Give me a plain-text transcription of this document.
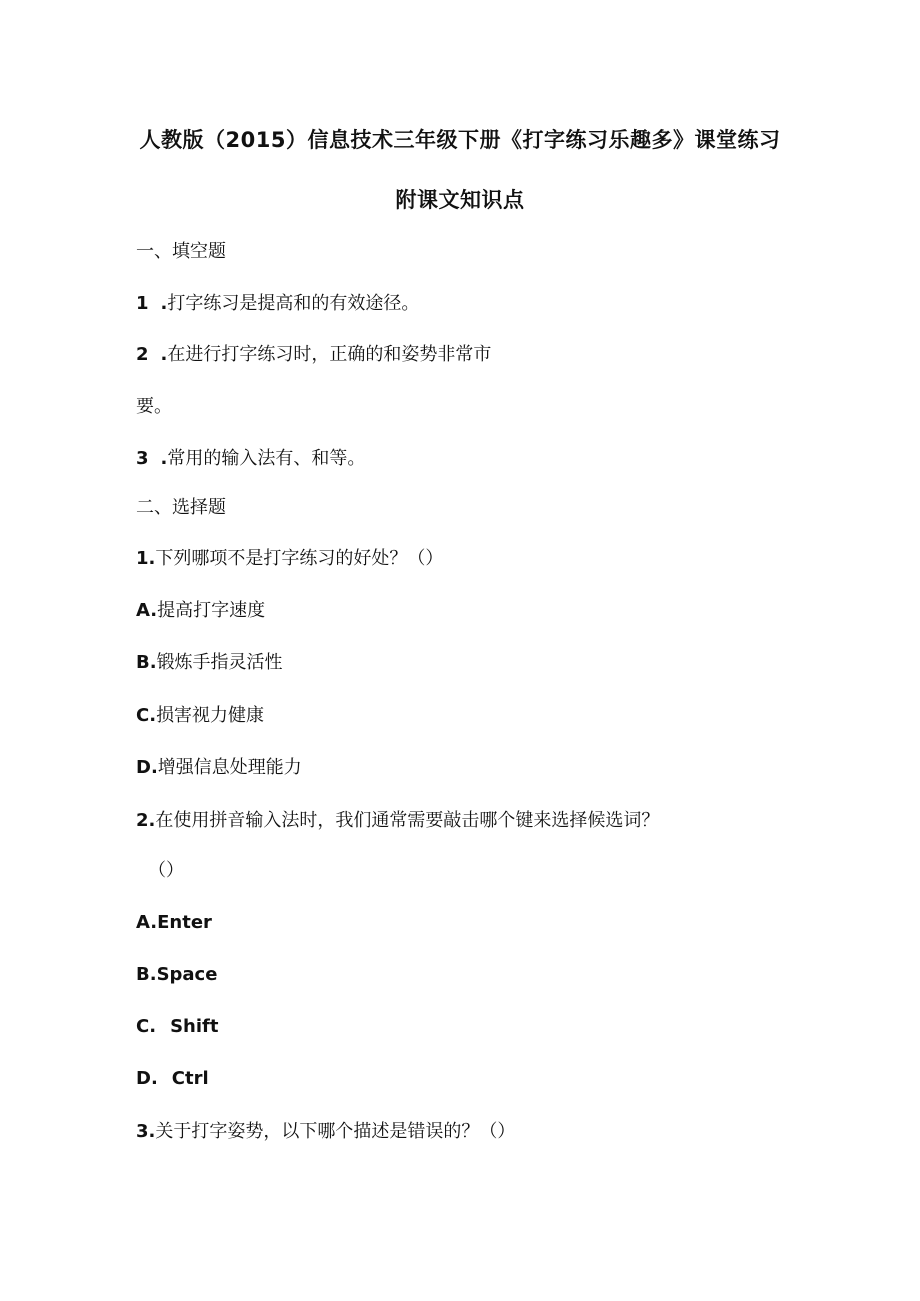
人教版（2015）信息技术三年级下册《打字练习乐趣多》课堂练习
附课文知识点
一、填空题
1 .打字练习是提高和的有效途径。
2 .在进行打字练习时，正确的和姿势非常市
要。
3 .常用的输入法有、和等。
二、选择题
1.下列哪项不是打字练习的好处？（）
A.提高打字速度
B.锻炼手指灵活性
C.损害视力健康
D.增强信息处理能力
2.在使用拼音输入法时，我们通常需要敲击哪个键来选择候选词？
（）
A.Enter
B.Space
C. Shift
D. Ctrl
3.关于打字姿势，以下哪个描述是错误的？（）
